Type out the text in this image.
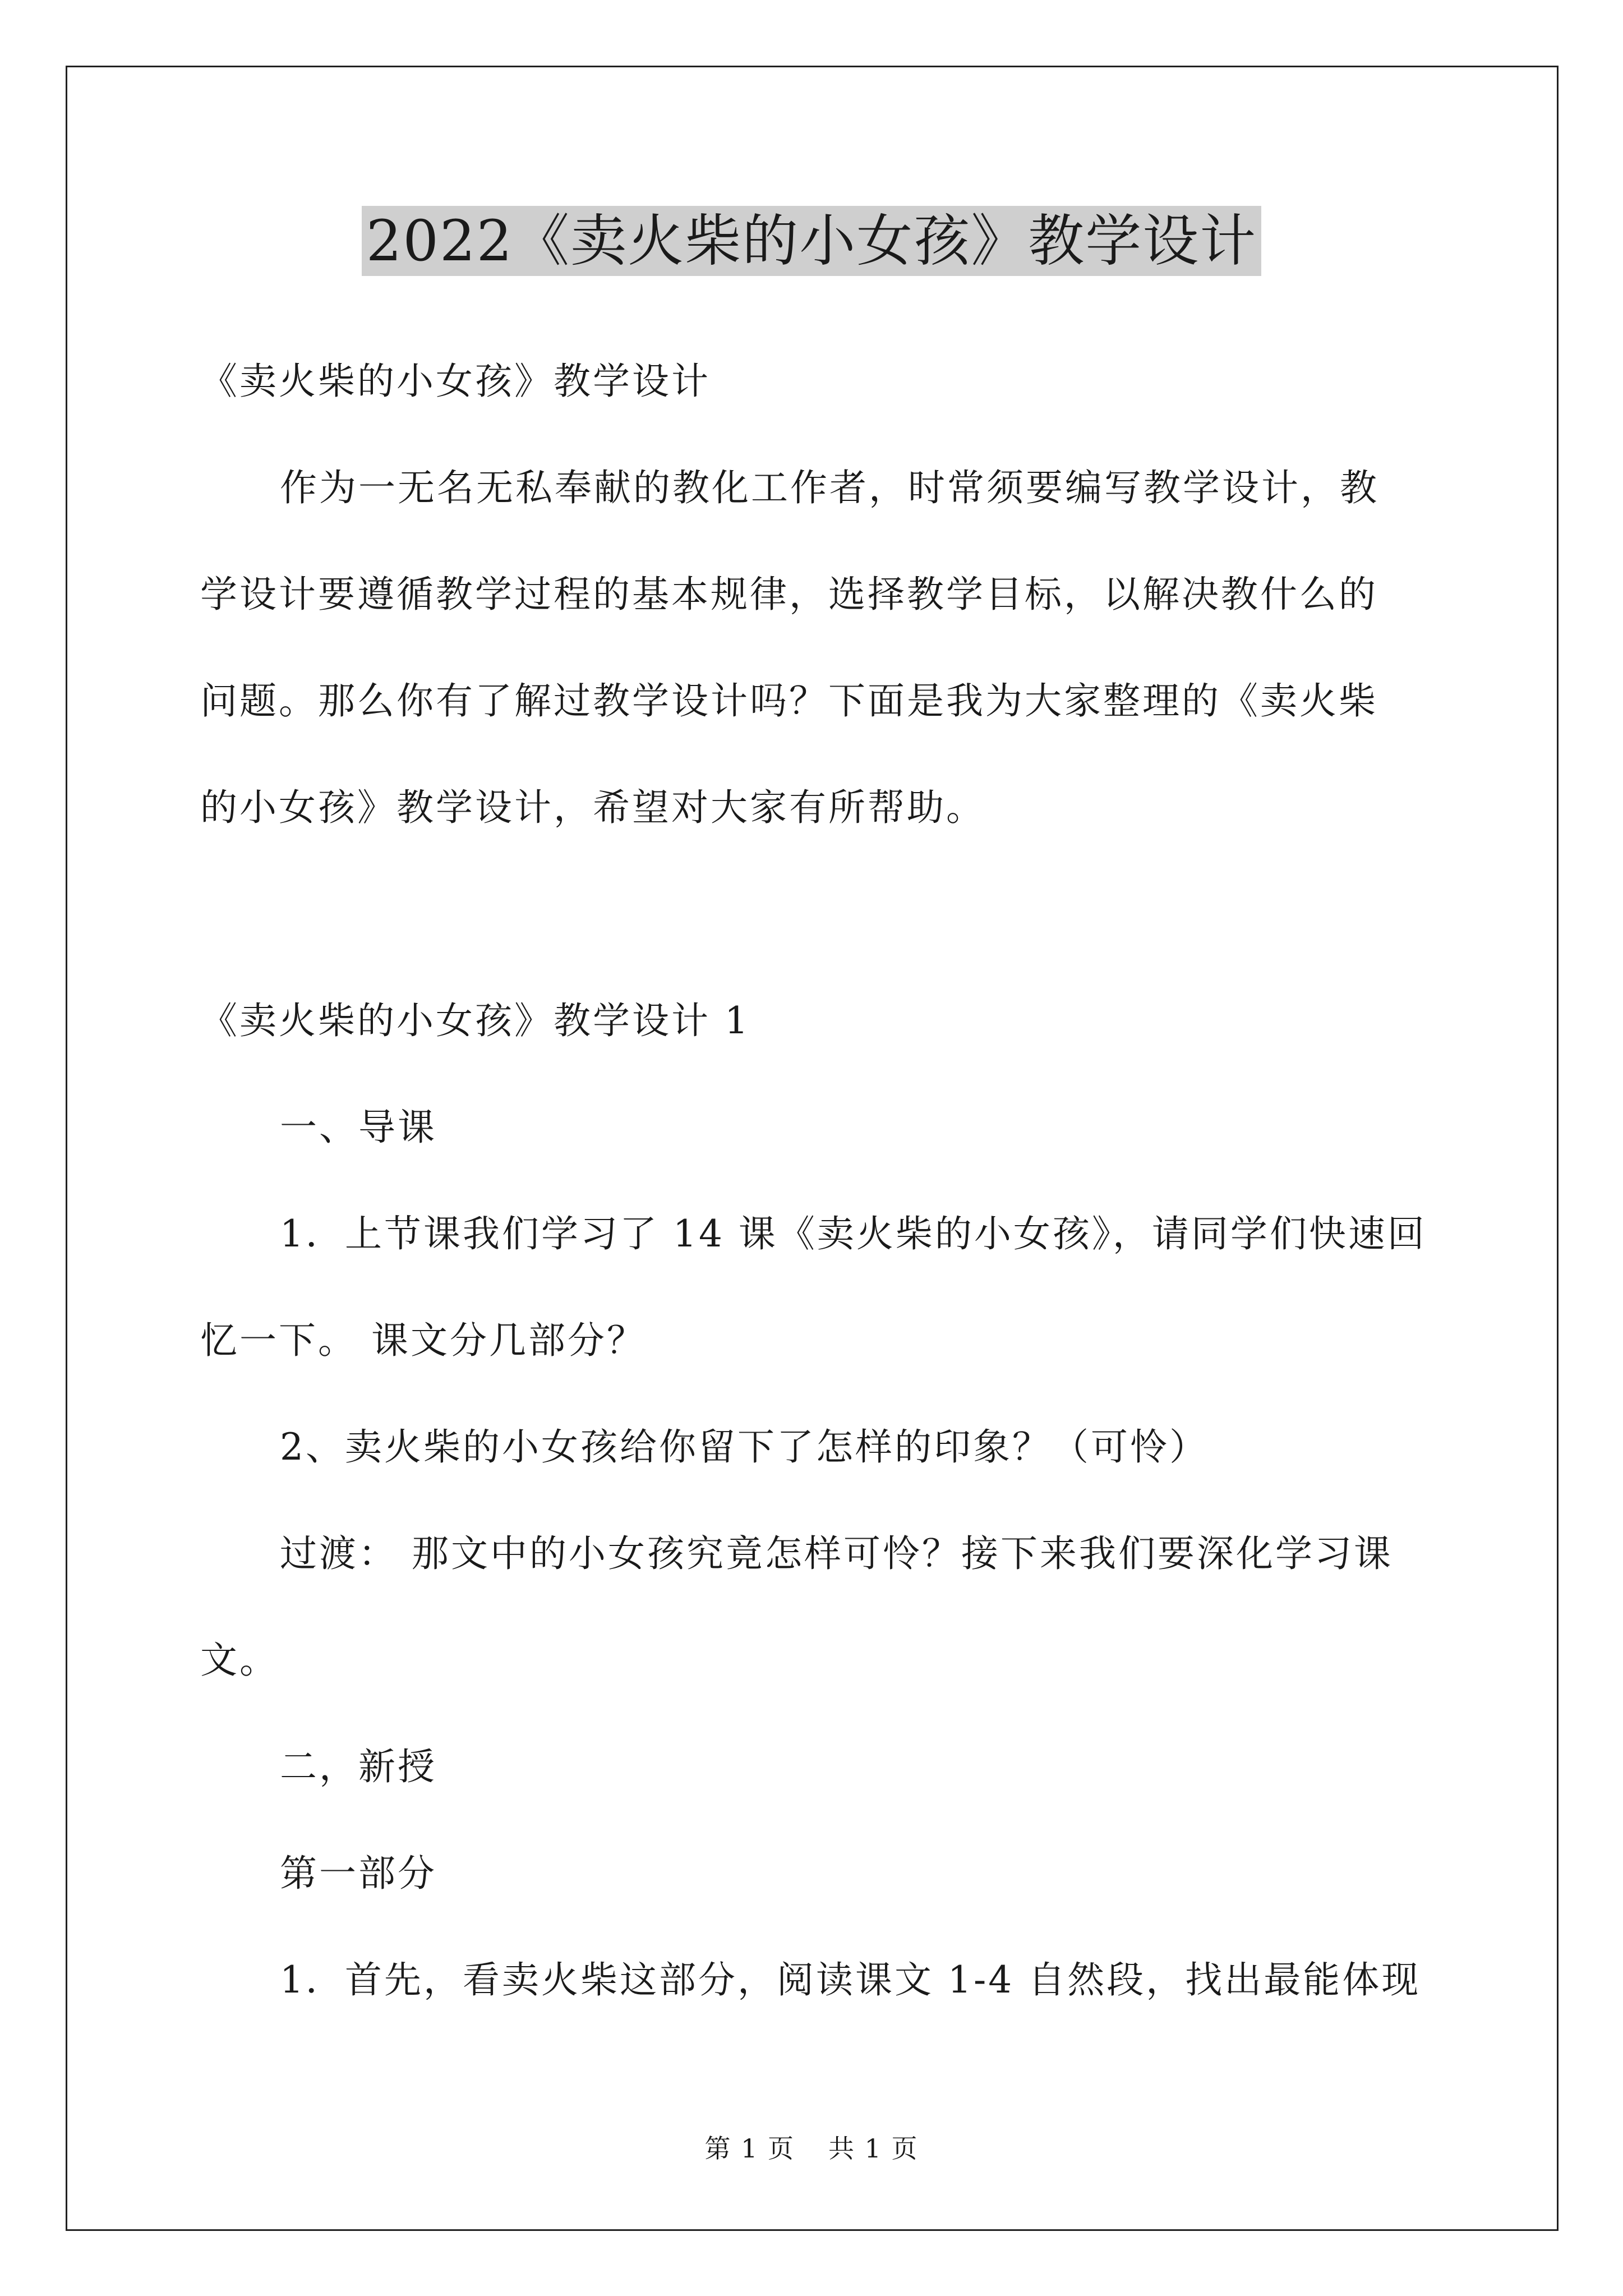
2022《卖火柴的小女孩》教学设计
《卖火柴的小女孩》教学设计
作为一无名无私奉献的教化工作者，时常须要编写教学设计，教
学设计要遵循教学过程的基本规律，选择教学目标，以解决教什么的
问题。那么你有了解过教学设计吗？下面是我为大家整理的《卖火柴
的小女孩》教学设计，希望对大家有所帮助。
《卖火柴的小女孩》教学设计 1
一、导课
1．上节课我们学习了 14 课《卖火柴的小女孩》，请同学们快速回
忆一下。 课文分几部分？
2、卖火柴的小女孩给你留下了怎样的印象？（可怜）
过渡： 那文中的小女孩究竟怎样可怜？接下来我们要深化学习课
文。
二，新授
第一部分
1．首先，看卖火柴这部分，阅读课文 1-4 自然段，找出最能体现
第 1 页 共 1 页
